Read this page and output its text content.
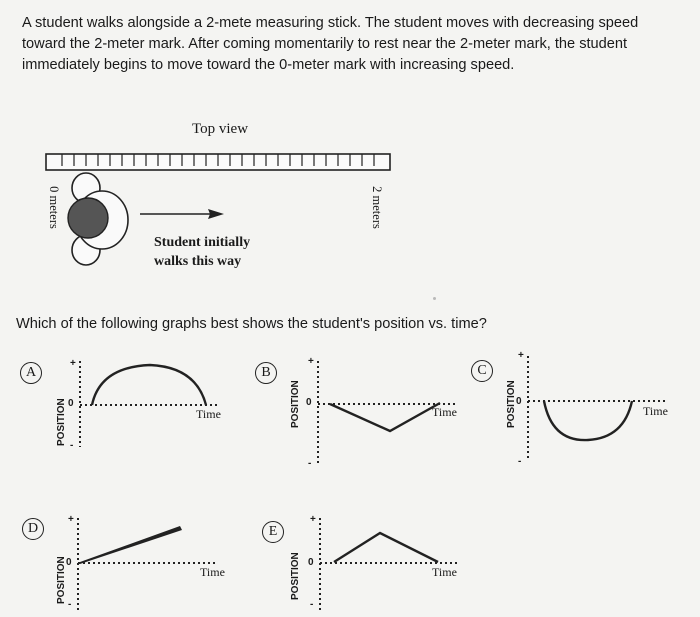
A student walks alongside a 2-mete measuring stick. The student moves with decreasing speed toward the 2-meter mark. After coming momentarily to rest near the 2-meter mark, the student immediately begins to move toward the 0-meter mark with increasing speed.
Top view
0 meters	2 meters
Student initially
walks this way
Which of the following graphs best shows the student's position vs. time?
A
POSITION
+
0
-
Time
B
POSITION
+
0
-
Time
C
POSITION
+
0
-
Time
D
POSITION
+
0
-
Time
E
POSITION
+
0
-
Time
